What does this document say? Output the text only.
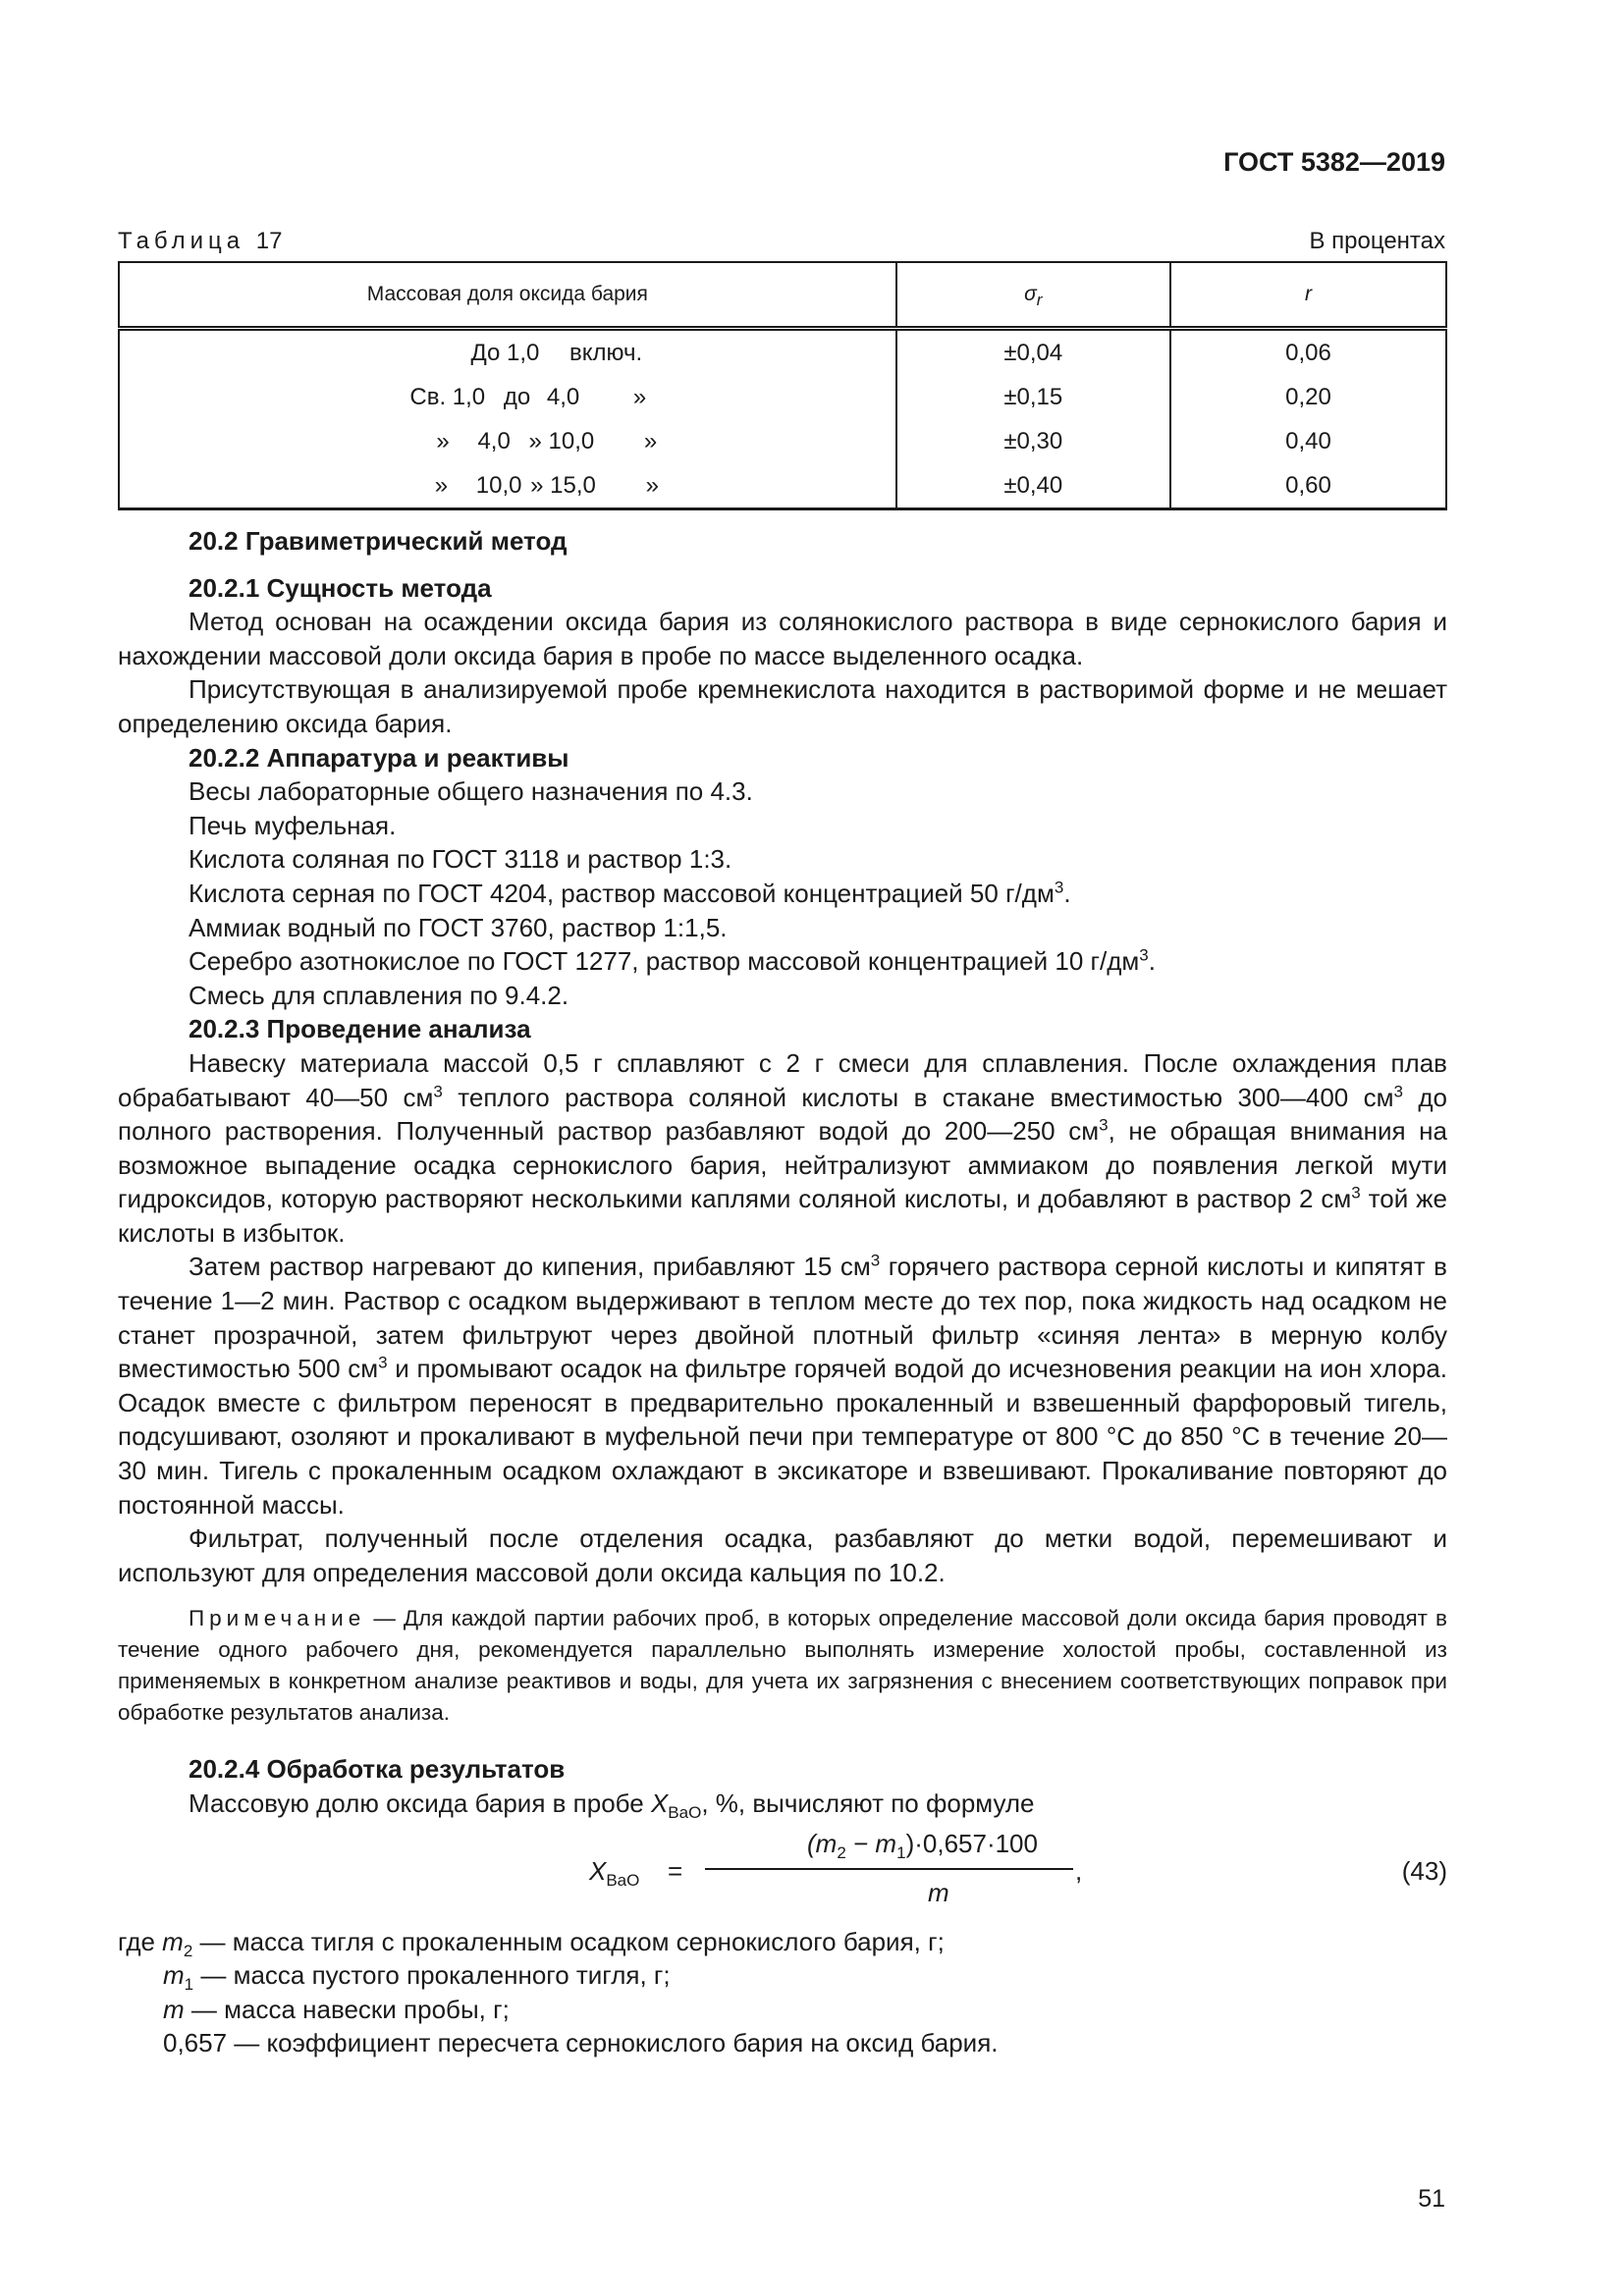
ГОСТ 5382—2019
Таблица 17	В процентах
Массовая доля оксида бария	$\sigma_r$	r
До 1,0 включ.	±0,04	0,06
Св. 1,0 до 4,0 »	±0,15	0,20
» 4,0 » 10,0 »	±0,30	0,40
» 10,0 » 15,0 »	±0,40	0,60

20.2 Гравиметрический метод

20.2.1 Сущность метода

Метод основан на осаждении оксида бария из солянокислого раствора в виде сернокислого бария и нахождении массовой доли оксида бария в пробе по массе выделенного осадка.

Присутствующая в анализируемой пробе кремнекислота находится в растворимой форме и не мешает определению оксида бария.

20.2.2 Аппаратура и реактивы

Весы лабораторные общего назначения по 4.3.

Печь муфельная.

Кислота соляная по ГОСТ 3118 и раствор 1:3.

Кислота серная по ГОСТ 4204, раствор массовой концентрацией 50 $г/дм^3$.

Аммиак водный по ГОСТ 3760, раствор 1:1,5.

Серебро азотнокислое по ГОСТ 1277, раствор массовой концентрацией 10 $г/дм^3$.

Смесь для сплавления по 9.4.2.

20.2.3 Проведение анализа

Навеску материала массой 0,5 г сплавляют с 2 г смеси для сплавления. После охлаждения плав обрабатывают 40—50 $см^3$ теплого раствора соляной кислоты в стакане вместимостью 300—400 $см^3$ до полного растворения. Полученный раствор разбавляют водой до 200—250 $см^3$, не обращая внимания на возможное выпадение осадка сернокислого бария, нейтрализуют аммиаком до появления легкой мути гидроксидов, которую растворяют несколькими каплями соляной кислоты, и добавляют в раствор 2 $см^3$ той же кислоты в избыток.

Затем раствор нагревают до кипения, прибавляют 15 $см^3$ горячего раствора серной кислоты и кипятят в течение 1—2 мин. Раствор с осадком выдерживают в теплом месте до тех пор, пока жидкость над осадком не станет прозрачной, затем фильтруют через двойной плотный фильтр «синяя лента» в мерную колбу вместимостью 500 $см^3$ и промывают осадок на фильтре горячей водой до исчезновения реакции на ион хлора. Осадок вместе с фильтром переносят в предварительно прокаленный и взвешенный фарфоровый тигель, подсушивают, озоляют и прокаливают в муфельной печи при температуре от 800 °С до 850 °С в течение 20—30 мин. Тигель с прокаленным осадком охлаждают в эксикаторе и взвешивают. Прокаливание повторяют до постоянной массы.

Фильтрат, полученный после отделения осадка, разбавляют до метки водой, перемешивают и используют для определения массовой доли оксида кальция по 10.2.

Примечание — Для каждой партии рабочих проб, в которых определение массовой доли оксида бария проводят в течение одного рабочего дня, рекомендуется параллельно выполнять измерение холостой пробы, составленной из применяемых в конкретном анализе реактивов и воды, для учета их загрязнения с внесением соответствующих поправок при обработке результатов анализа.

20.2.4 Обработка результатов

Массовую долю оксида бария в пробе $X_{BaO}$, %, вычисляют по формуле

$X_{BaO}$ =
$(m_2 - m_1)\cdot 0,657\cdot 100$
m
,	(43)

где $m_2$ — масса тигля с прокаленным осадком сернокислого бария, г;

$m_1$ — масса пустого прокаленного тигля, г;

m — масса навески пробы, г;

0,657 — коэффициент пересчета сернокислого бария на оксид бария.

51
